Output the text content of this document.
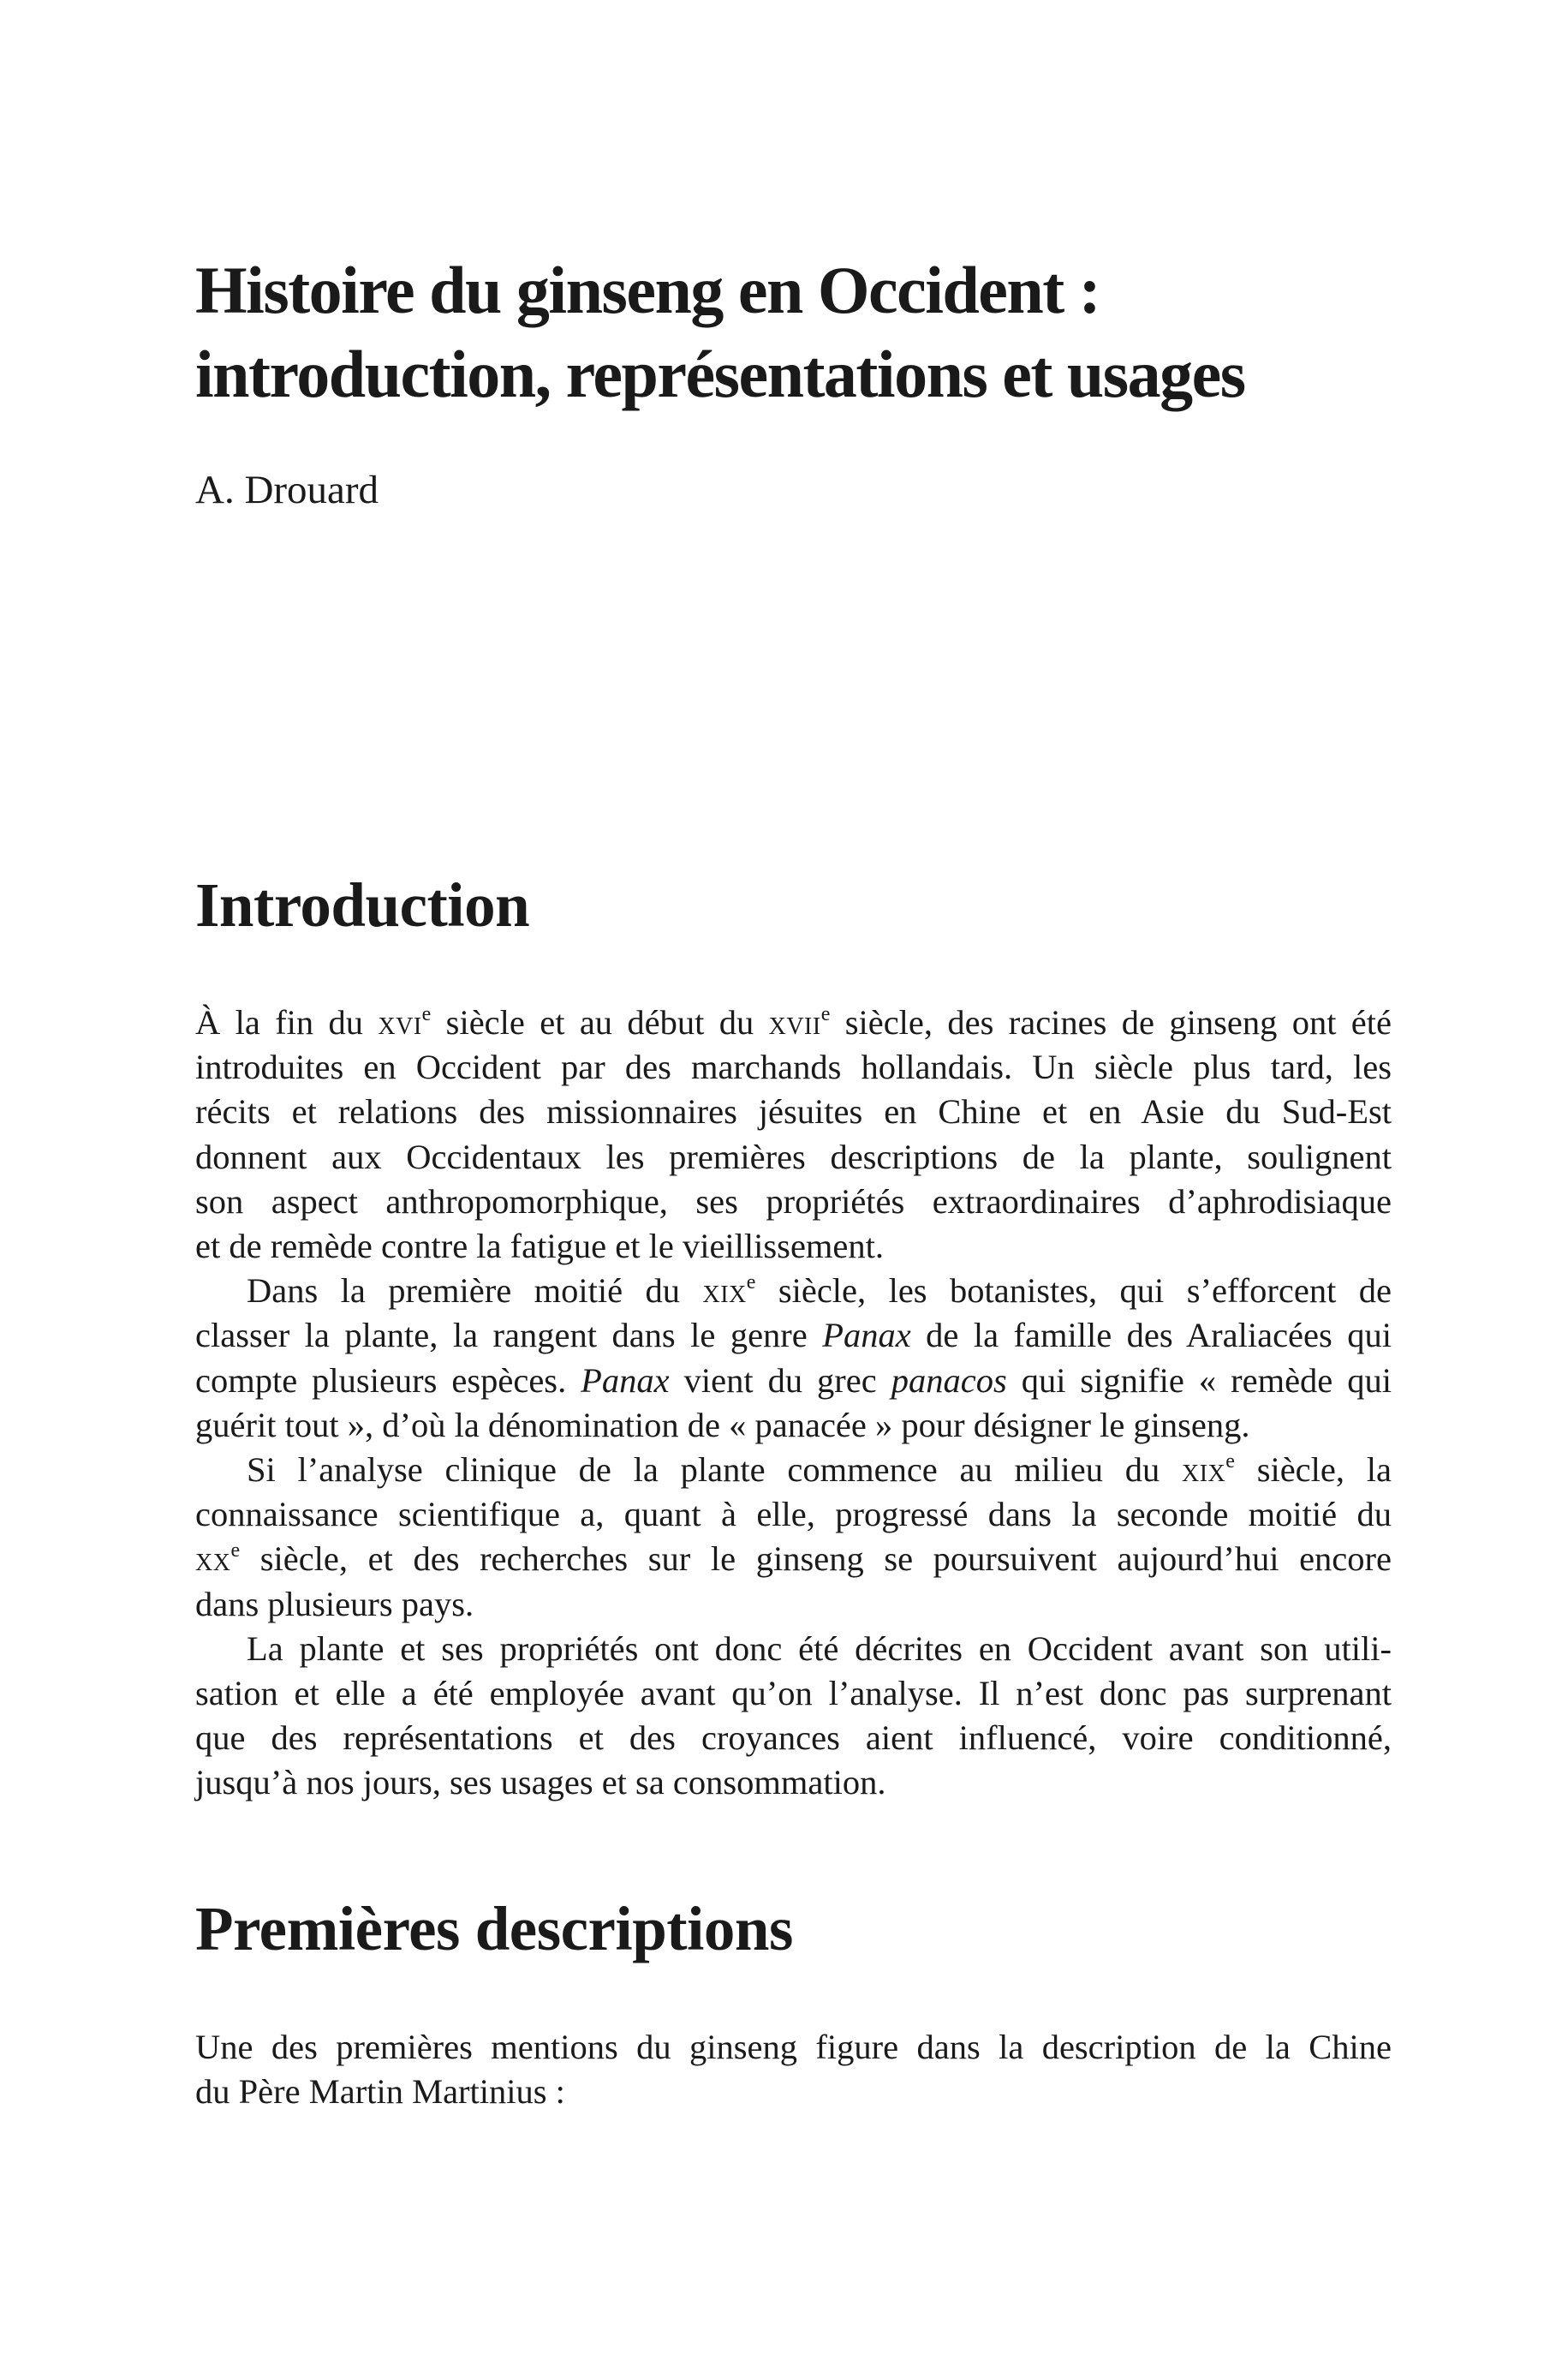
Histoire du ginseng en Occident :
introduction, représentations et usages

A. Drouard

Introduction
À la fin du xvi$^e$ siècle et au début du xvii$^e$ siècle, des racines de ginseng ont été
introduites en Occident par des marchands hollandais. Un siècle plus tard, les
récits et relations des missionnaires jésuites en Chine et en Asie du Sud-Est
donnent aux Occidentaux les premières descriptions de la plante, soulignent
son aspect anthropomorphique, ses propriétés extraordinaires d’aphrodisiaque
et de remède contre la fatigue et le vieillissement.
Dans la première moitié du xix$^e$ siècle, les botanistes, qui s’efforcent de
classer la plante, la rangent dans le genre Panax de la famille des Araliacées qui
compte plusieurs espèces. Panax vient du grec panacos qui signifie « remède qui
guérit tout », d’où la dénomination de « panacée » pour désigner le ginseng.
Si l’analyse clinique de la plante commence au milieu du xix$^e$ siècle, la
connaissance scientifique a, quant à elle, progressé dans la seconde moitié du
$xx^e$ siècle, et des recherches sur le ginseng se poursuivent aujourd’hui encore
dans plusieurs pays.
La plante et ses propriétés ont donc été décrites en Occident avant son utili-
sation et elle a été employée avant qu’on l’analyse. Il n’est donc pas surprenant
que des représentations et des croyances aient influencé, voire conditionné,
jusqu’à nos jours, ses usages et sa consommation.
Premières descriptions
Une des premières mentions du ginseng figure dans la description de la Chine
du Père Martin Martinius :
